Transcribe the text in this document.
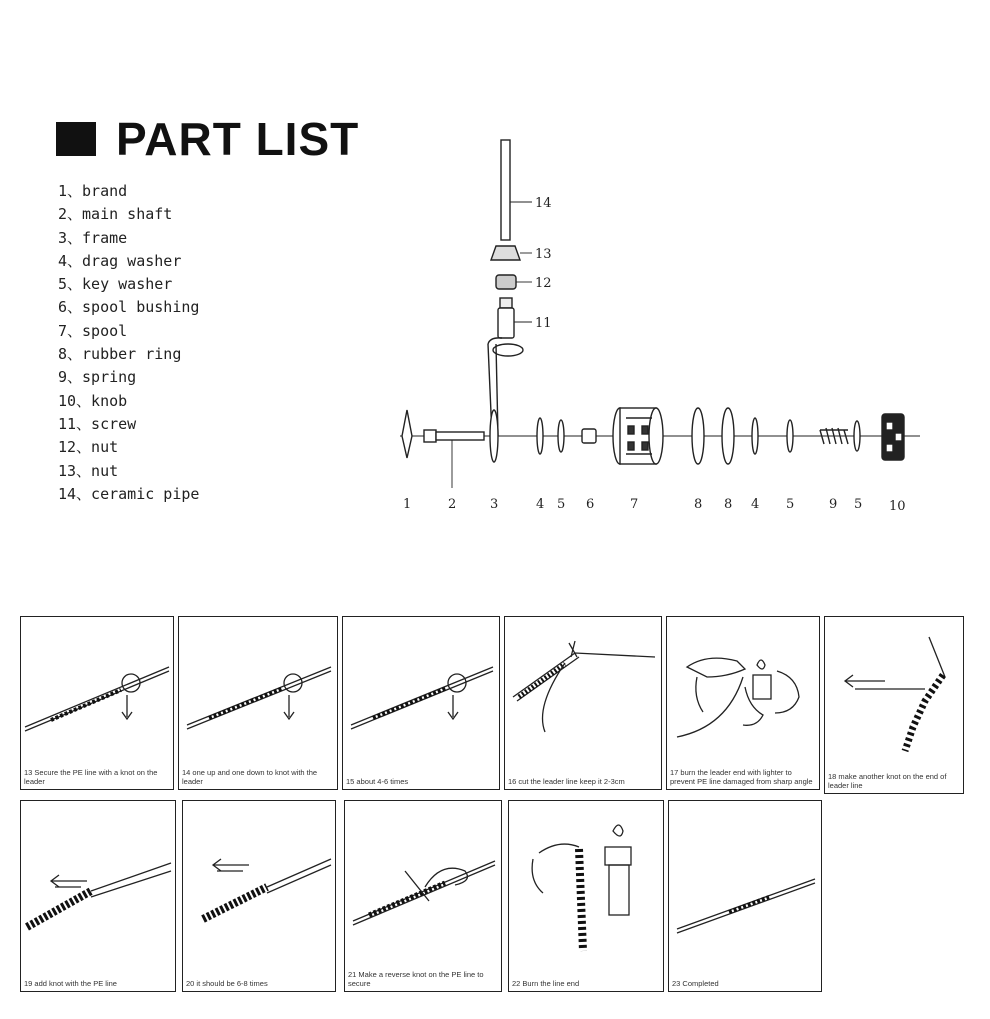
PART LIST
1、brand
2、main shaft
3、frame
4、drag washer
5、key washer
6、spool bushing
7、spool
8、rubber ring
9、spring
10、knob
11、screw
12、nut
13、nut
14、ceramic pipe
14
13
12
11
1	2	3	4 5 6	7	8 8 4 5	9 5 10
13 Secure the PE line with a knot on the leader
14 one up and one down to knot with the leader	15 about 4-6 times	16 cut the leader line keep it 2-3cm
17 burn the leader end with lighter to prevent PE line damaged from sharp angle
18 make another knot on the end of leader line
19 add knot with the PE line	20 it should be 6-8 times
21 Make a reverse knot on the PE line to secure	22 Burn the line end	23 Completed
